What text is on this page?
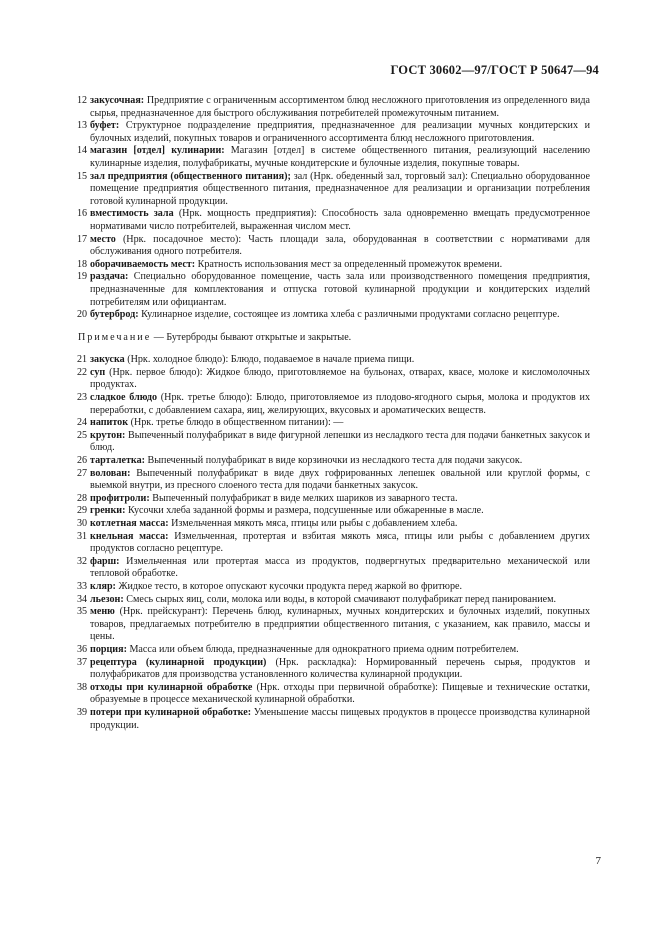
ГОСТ 30602—97/ГОСТ Р 50647—94
12 закусочная: Предприятие с ограниченным ассортиментом блюд несложного приготовления из определенного вида сырья, предназначенное для быстрого обслуживания потребителей промежуточным питанием.
13 буфет: Структурное подразделение предприятия, предназначенное для реализации мучных кондитерских и булочных изделий, покупных товаров и ограниченного ассортимента блюд несложного приготовления.
14 магазин [отдел] кулинарии: Магазин [отдел] в системе общественного питания, реализующий населению кулинарные изделия, полуфабрикаты, мучные кондитерские и булочные изделия, покупные товары.
15 зал предприятия (общественного питания); зал (Нрк. обеденный зал, торговый зал): Специально оборудованное помещение предприятия общественного питания, предназначенное для реализации и организации потребления готовой кулинарной продукции.
16 вместимость зала (Нрк. мощность предприятия): Способность зала одновременно вмещать предусмотренное нормативами число потребителей, выраженная числом мест.
17 место (Нрк. посадочное место): Часть площади зала, оборудованная в соответствии с нормативами для обслуживания одного потребителя.
18 оборачиваемость мест: Кратность использования мест за определенный промежуток времени.
19 раздача: Специально оборудованное помещение, часть зала или производственного помещения предприятия, предназначенные для комплектования и отпуска готовой кулинарной продукции и кондитерских изделий потребителям или официантам.
20 бутерброд: Кулинарное изделие, состоящее из ломтика хлеба с различными продуктами согласно рецептуре.
Примечание — Бутерброды бывают открытые и закрытые.
21 закуска (Нрк. холодное блюдо): Блюдо, подаваемое в начале приема пищи.
22 суп (Нрк. первое блюдо): Жидкое блюдо, приготовляемое на бульонах, отварах, квасе, молоке и кисломолочных продуктах.
23 сладкое блюдо (Нрк. третье блюдо): Блюдо, приготовляемое из плодово-ягодного сырья, молока и продуктов их переработки, с добавлением сахара, яиц, желирующих, вкусовых и ароматических веществ.
24 напиток (Нрк. третье блюдо в общественном питании): —
25 крутон: Выпеченный полуфабрикат в виде фигурной лепешки из несладкого теста для подачи банкетных закусок и блюд.
26 тарталетка: Выпеченный полуфабрикат в виде корзиночки из несладкого теста для подачи закусок.
27 волован: Выпеченный полуфабрикат в виде двух гофрированных лепешек овальной или круглой формы, с выемкой внутри, из пресного слоеного теста для подачи банкетных закусок.
28 профитроли: Выпеченный полуфабрикат в виде мелких шариков из заварного теста.
29 гренки: Кусочки хлеба заданной формы и размера, подсушенные или обжаренные в масле.
30 котлетная масса: Измельченная мякоть мяса, птицы или рыбы с добавлением хлеба.
31 кнельная масса: Измельченная, протертая и взбитая мякоть мяса, птицы или рыбы с добавлением других продуктов согласно рецептуре.
32 фарш: Измельченная или протертая масса из продуктов, подвергнутых предварительно механической или тепловой обработке.
33 кляр: Жидкое тесто, в которое опускают кусочки продукта перед жаркой во фритюре.
34 льезон: Смесь сырых яиц, соли, молока или воды, в которой смачивают полуфабрикат перед панированием.
35 меню (Нрк. прейскурант): Перечень блюд, кулинарных, мучных кондитерских и булочных изделий, покупных товаров, предлагаемых потребителю в предприятии общественного питания, с указанием, как правило, массы и цены.
36 порция: Масса или объем блюда, предназначенные для однократного приема одним потребителем.
37 рецептура (кулинарной продукции) (Нрк. раскладка): Нормированный перечень сырья, продуктов и полуфабрикатов для производства установленного количества кулинарной продукции.
38 отходы при кулинарной обработке (Нрк. отходы при первичной обработке): Пищевые и технические остатки, образуемые в процессе механической кулинарной обработки.
39 потери при кулинарной обработке: Уменьшение массы пищевых продуктов в процессе производства кулинарной продукции.
7
